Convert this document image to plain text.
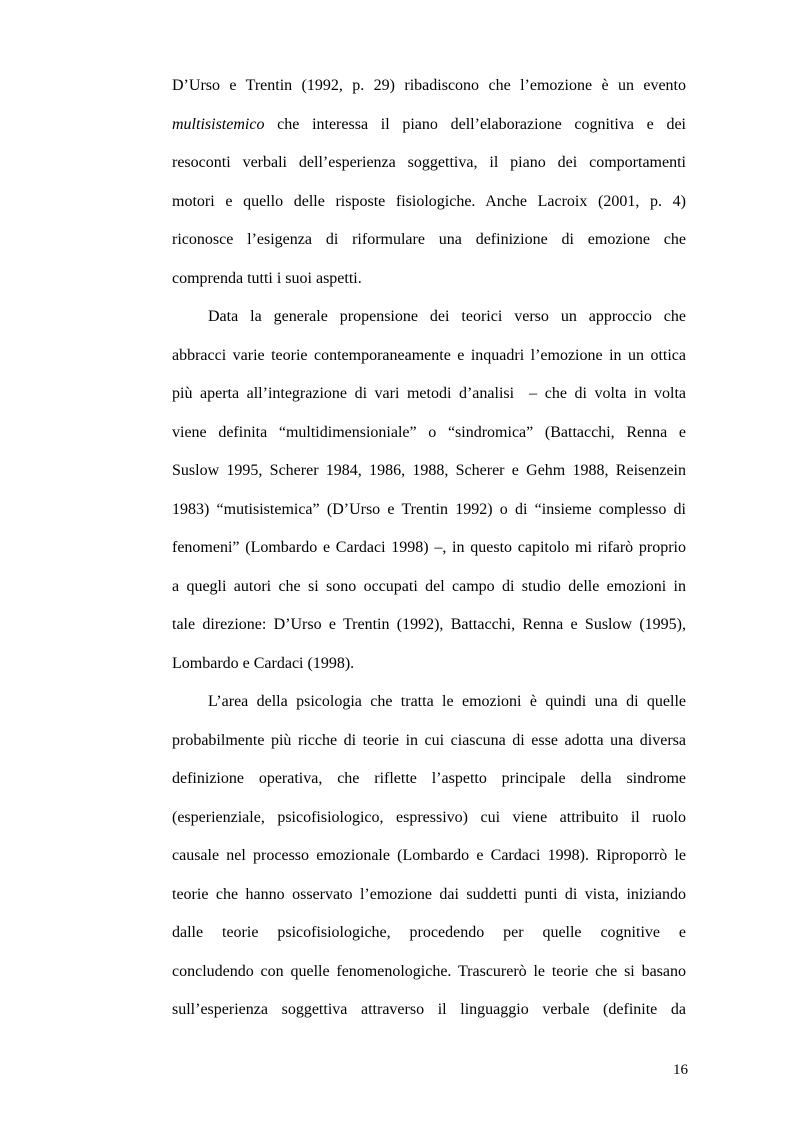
D’Urso e Trentin (1992, p. 29) ribadiscono che l’emozione è un evento
multisistemico che interessa il piano dell’elaborazione cognitiva e dei
resoconti verbali dell’esperienza soggettiva, il piano dei comportamenti
motori e quello delle risposte fisiologiche. Anche Lacroix (2001, p. 4)
riconosce l’esigenza di riformulare una definizione di emozione che
comprenda tutti i suoi aspetti.
Data la generale propensione dei teorici verso un approccio che
abbracci varie teorie contemporaneamente e inquadri l’emozione in un ottica
più aperta all’integrazione di vari metodi d’analisi  – che di volta in volta
viene definita “multidimensioniale” o “sindromica” (Battacchi, Renna e
Suslow 1995, Scherer 1984, 1986, 1988, Scherer e Gehm 1988, Reisenzein
1983) “mutisistemica” (D’Urso e Trentin 1992) o di “insieme complesso di
fenomeni” (Lombardo e Cardaci 1998) –, in questo capitolo mi rifarò proprio
a quegli autori che si sono occupati del campo di studio delle emozioni in
tale direzione: D’Urso e Trentin (1992), Battacchi, Renna e Suslow (1995),
Lombardo e Cardaci (1998).
L’area della psicologia che tratta le emozioni è quindi una di quelle
probabilmente più ricche di teorie in cui ciascuna di esse adotta una diversa
definizione operativa, che riflette l’aspetto principale della sindrome
(esperienziale, psicofisiologico, espressivo) cui viene attribuito il ruolo
causale nel processo emozionale (Lombardo e Cardaci 1998). Riproporrò le
teorie che hanno osservato l’emozione dai suddetti punti di vista, iniziando
dalle teorie psicofisiologiche, procedendo per quelle cognitive e
concludendo con quelle fenomenologiche. Trascurerò le teorie che si basano
sull’esperienza soggettiva attraverso il linguaggio verbale (definite da
16
